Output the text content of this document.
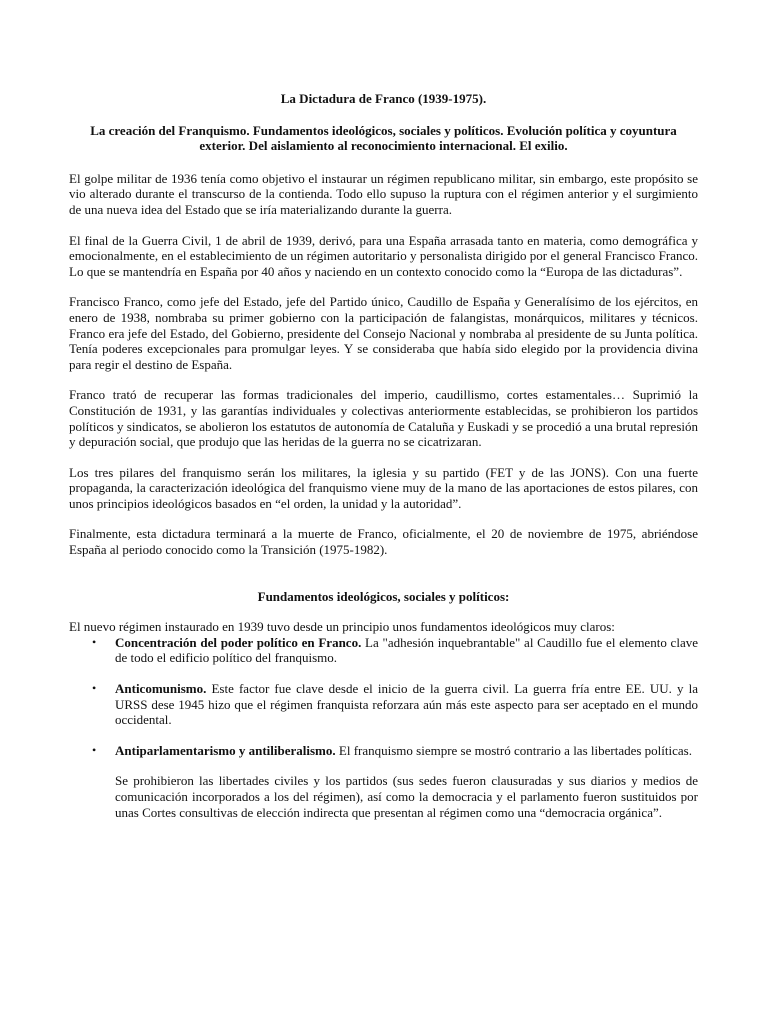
La Dictadura de Franco (1939-1975).
La creación del Franquismo. Fundamentos ideológicos, sociales y políticos. Evolución política y coyuntura exterior. Del aislamiento al reconocimiento internacional. El exilio.

El golpe militar de 1936 tenía como objetivo el instaurar un régimen republicano militar, sin embargo, este propósito se vio alterado durante el transcurso de la contienda. Todo ello supuso la ruptura con el régimen anterior y el surgimiento de una nueva idea del Estado que se iría materializando durante la guerra.

El final de la Guerra Civil, 1 de abril de 1939, derivó, para una España arrasada tanto en materia, como demográfica y emocionalmente, en el establecimiento de un régimen autoritario y personalista dirigido por el general Francisco Franco. Lo que se mantendría en España por 40 años y naciendo en un contexto conocido como la “Europa de las dictaduras”.

Francisco Franco, como jefe del Estado, jefe del Partido único, Caudillo de España y Generalísimo de los ejércitos, en enero de 1938, nombraba su primer gobierno con la participación de falangistas, monárquicos, militares y técnicos. Franco era jefe del Estado, del Gobierno, presidente del Consejo Nacional y nombraba al presidente de su Junta política. Tenía poderes excepcionales para promulgar leyes. Y se consideraba que había sido elegido por la providencia divina para regir el destino de España.

Franco trató de recuperar las formas tradicionales del imperio, caudillismo, cortes estamentales… Suprimió la Constitución de 1931, y las garantías individuales y colectivas anteriormente establecidas, se prohibieron los partidos políticos y sindicatos, se abolieron los estatutos de autonomía de Cataluña y Euskadi y se procedió a una brutal represión y depuración social, que produjo que las heridas de la guerra no se cicatrizaran.

Los tres pilares del franquismo serán los militares, la iglesia y su partido (FET y de las JONS). Con una fuerte propaganda, la caracterización ideológica del franquismo viene muy de la mano de las aportaciones de estos pilares, con unos principios ideológicos basados en “el orden, la unidad y la autoridad”.

Finalmente, esta dictadura terminará a la muerte de Franco, oficialmente, el 20 de noviembre de 1975, abriéndose España al periodo conocido como la Transición (1975-1982).

Fundamentos ideológicos, sociales y políticos:

El nuevo régimen instaurado en 1939 tuvo desde un principio unos fundamentos ideológicos muy claros:

• Concentración del poder político en Franco. La "adhesión inquebrantable" al Caudillo fue el elemento clave de todo el edificio político del franquismo.
• Anticomunismo. Este factor fue clave desde el inicio de la guerra civil. La guerra fría entre EE. UU. y la URSS dese 1945 hizo que el régimen franquista reforzara aún más este aspecto para ser aceptado en el mundo occidental.
• Antiparlamentarismo y antiliberalismo. El franquismo siempre se mostró contrario a las libertades políticas.
Se prohibieron las libertades civiles y los partidos (sus sedes fueron clausuradas y sus diarios y medios de comunicación incorporados a los del régimen), así como la democracia y el parlamento fueron sustituidos por unas Cortes consultivas de elección indirecta que presentan al régimen como una “democracia orgánica”.
